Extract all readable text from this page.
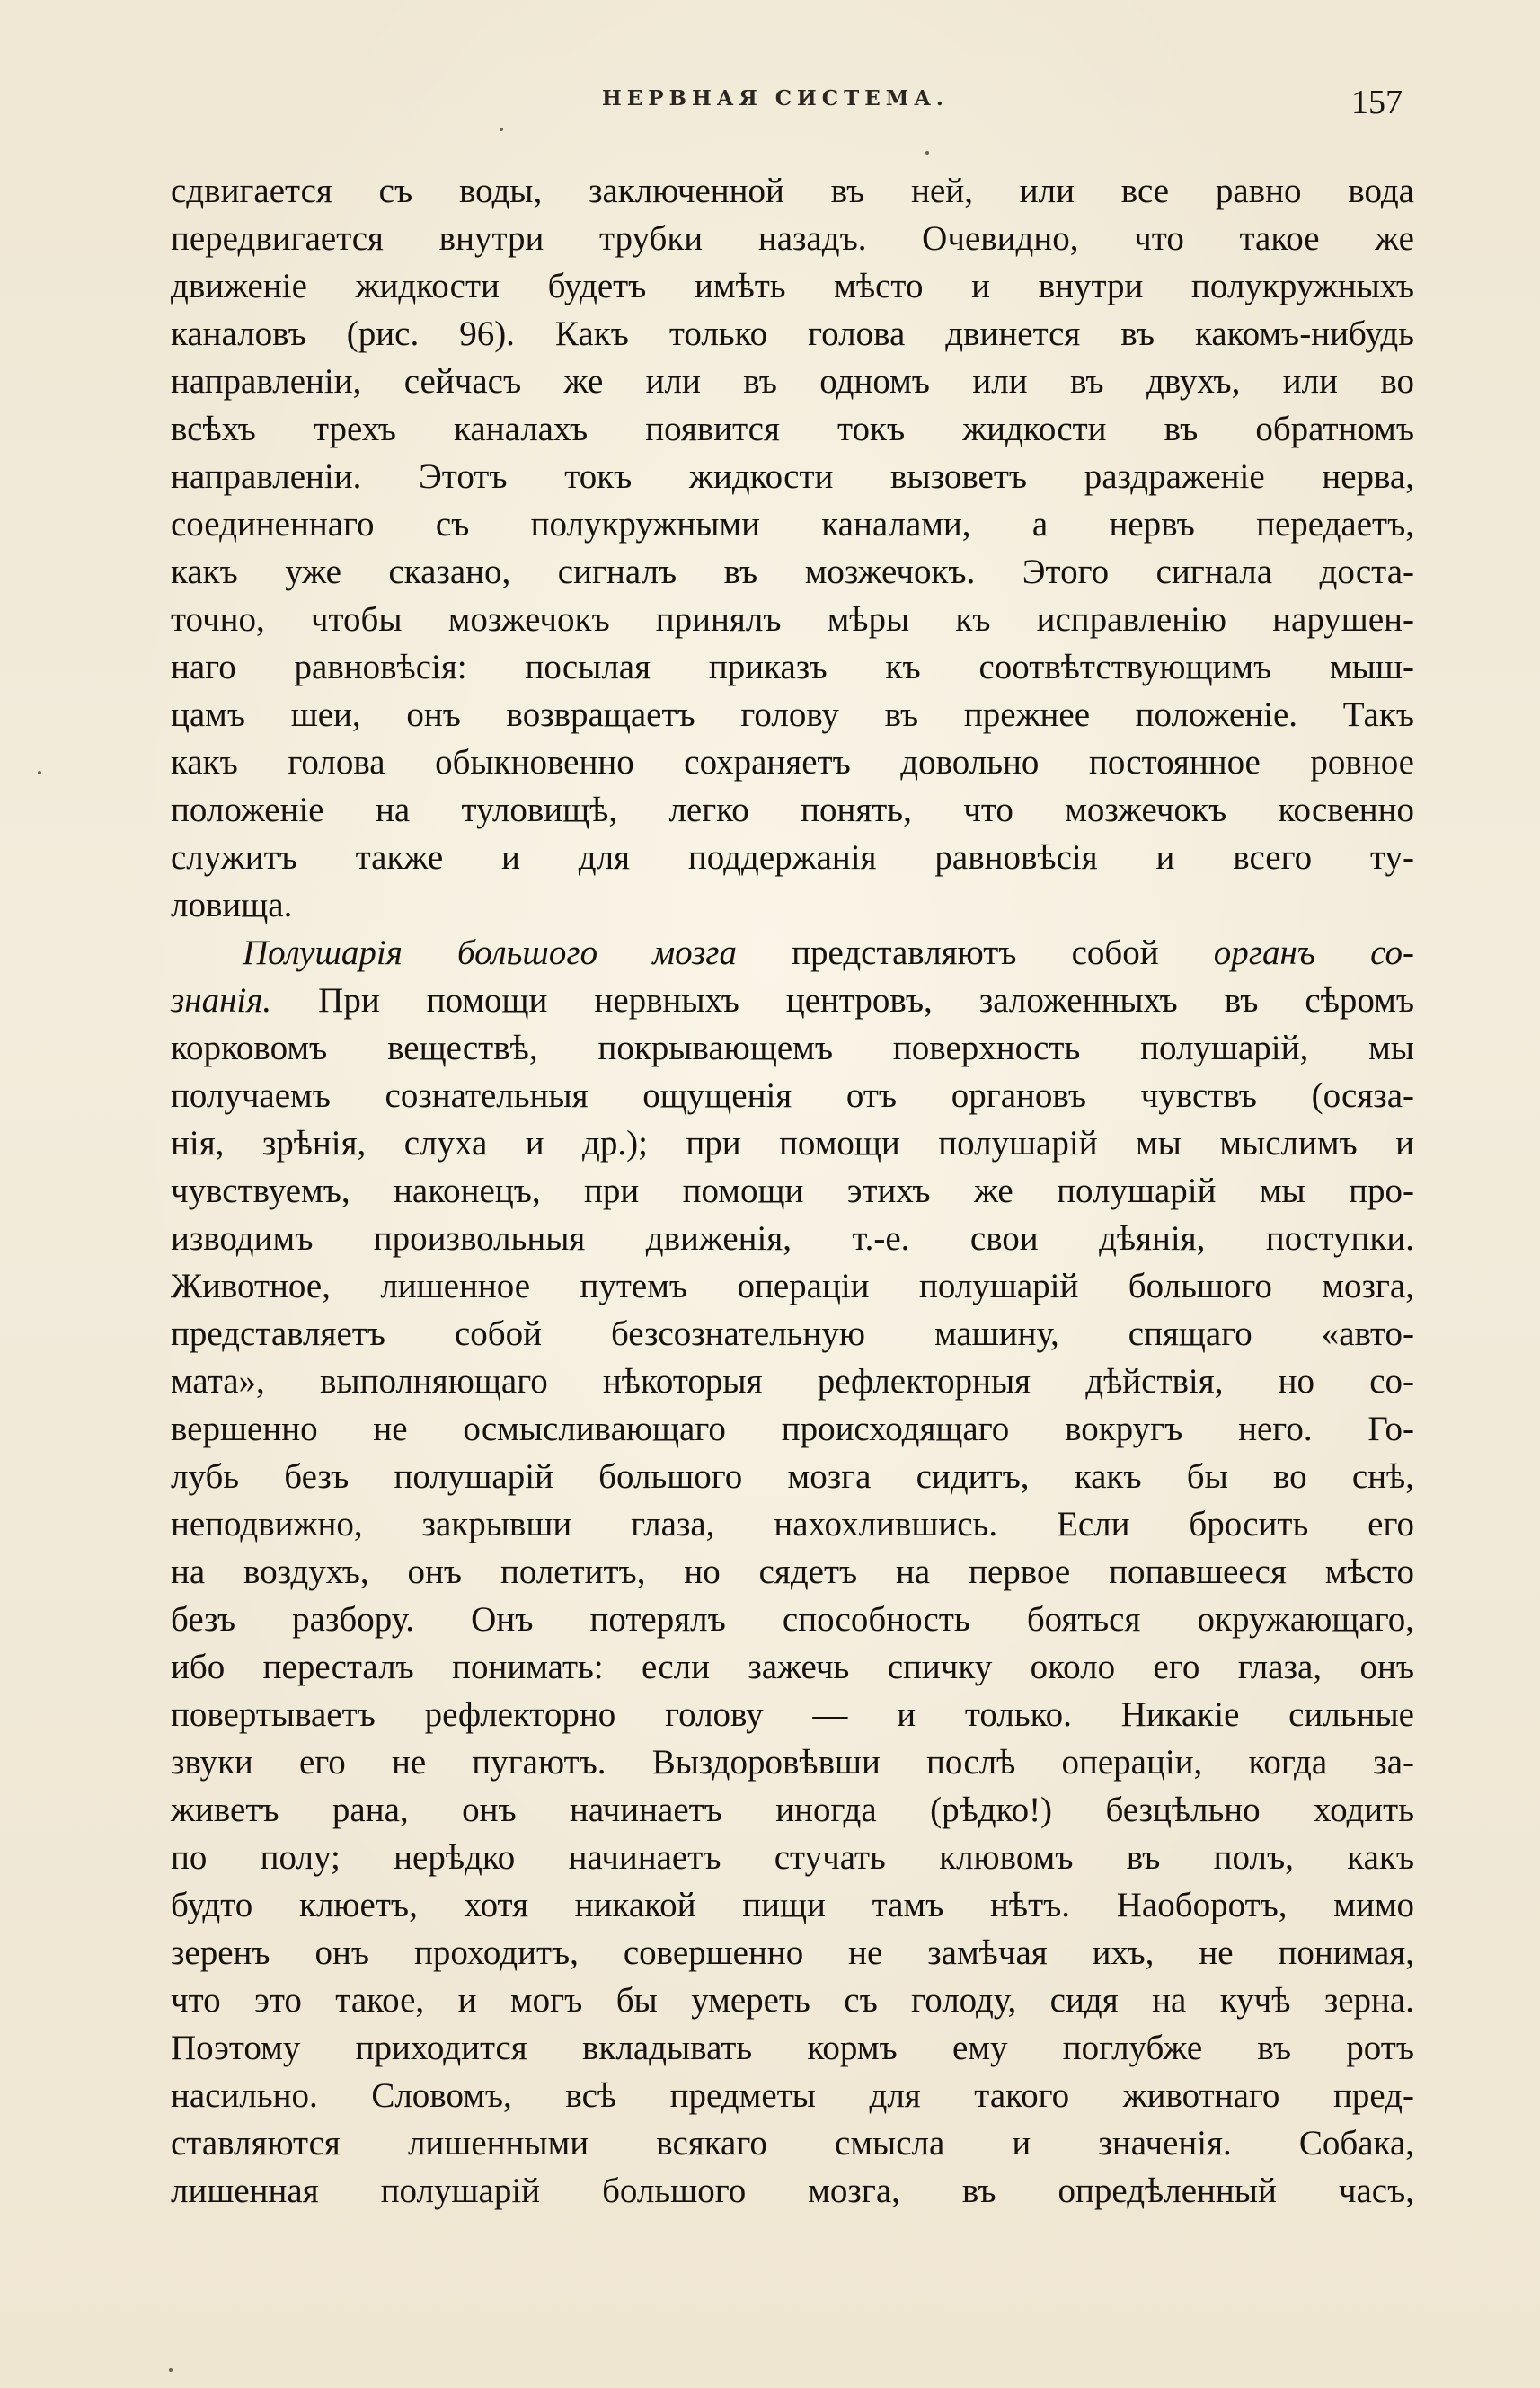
НЕРВНАЯ СИСТЕМА.	157
сдвигается съ воды, заключенной въ ней, или все равно вода
передвигается внутри трубки назадъ. Очевидно, что такое же
движенiе жидкости будетъ имѣть мѣсто и внутри полукружныхъ
каналовъ (рис. 96). Какъ только голова двинется въ какомъ-нибудь
направленiи, сейчасъ же или въ одномъ или въ двухъ, или во
всѣхъ трехъ каналахъ появится токъ жидкости въ обратномъ
направленiи. Этотъ токъ жидкости вызоветъ раздраженiе нерва,
соединеннаго съ полукружными каналами, а нервъ передаетъ,
какъ уже сказано, сигналъ въ мозжечокъ. Этого сигнала доста-
точно, чтобы мозжечокъ принялъ мѣры къ исправленiю нарушен-
наго равновѣсiя: посылая приказъ къ соотвѣтствующимъ мыш-
цамъ шеи, онъ возвращаетъ голову въ прежнее положенiе. Такъ
какъ голова обыкновенно сохраняетъ довольно постоянное ровное
положенiе на туловищѣ, легко понять, что мозжечокъ косвенно
служитъ также и для поддержанiя равновѣсiя и всего ту-
ловища.
Полушарiя большого мозга представляютъ собой органъ со-
знанiя. При помощи нервныхъ центровъ, заложенныхъ въ сѣромъ
корковомъ веществѣ, покрывающемъ поверхность полушарiй, мы
получаемъ сознательныя ощущенiя отъ органовъ чувствъ (осяза-
нiя, зрѣнiя, слуха и др.); при помощи полушарiй мы мыслимъ и
чувствуемъ, наконецъ, при помощи этихъ же полушарiй мы про-
изводимъ произвольныя движенiя, т.-е. свои дѣянiя, поступки.
Животное, лишенное путемъ операцiи полушарiй большого мозга,
представляетъ собой безсознательную машину, спящаго «авто-
мата», выполняющаго нѣкоторыя рефлекторныя дѣйствiя, но со-
вершенно не осмысливающаго происходящаго вокругъ него. Го-
лубь безъ полушарiй большого мозга сидитъ, какъ бы во снѣ,
неподвижно, закрывши глаза, нахохлившись. Если бросить его
на воздухъ, онъ полетитъ, но сядетъ на первое попавшееся мѣсто
безъ разбору. Онъ потерялъ способность бояться окружающаго,
ибо пересталъ понимать: если зажечь спичку около его глаза, онъ
повертываетъ рефлекторно голову — и только. Никакiе сильные
звуки его не пугаютъ. Выздоровѣвши послѣ операцiи, когда за-
живетъ рана, онъ начинаетъ иногда (рѣдко!) безцѣльно ходить
по полу; нерѣдко начинаетъ стучать клювомъ въ полъ, какъ
будто клюетъ, хотя никакой пищи тамъ нѣтъ. Наоборотъ, мимо
зеренъ онъ проходитъ, совершенно не замѣчая ихъ, не понимая,
что это такое, и могъ бы умереть съ голоду, сидя на кучѣ зерна.
Поэтому приходится вкладывать кормъ ему поглубже въ ротъ
насильно. Словомъ, всѣ предметы для такого животнаго пред-
ставляются лишенными всякаго смысла и значенiя. Собака,
лишенная полушарiй большого мозга, въ опредѣленный часъ,
